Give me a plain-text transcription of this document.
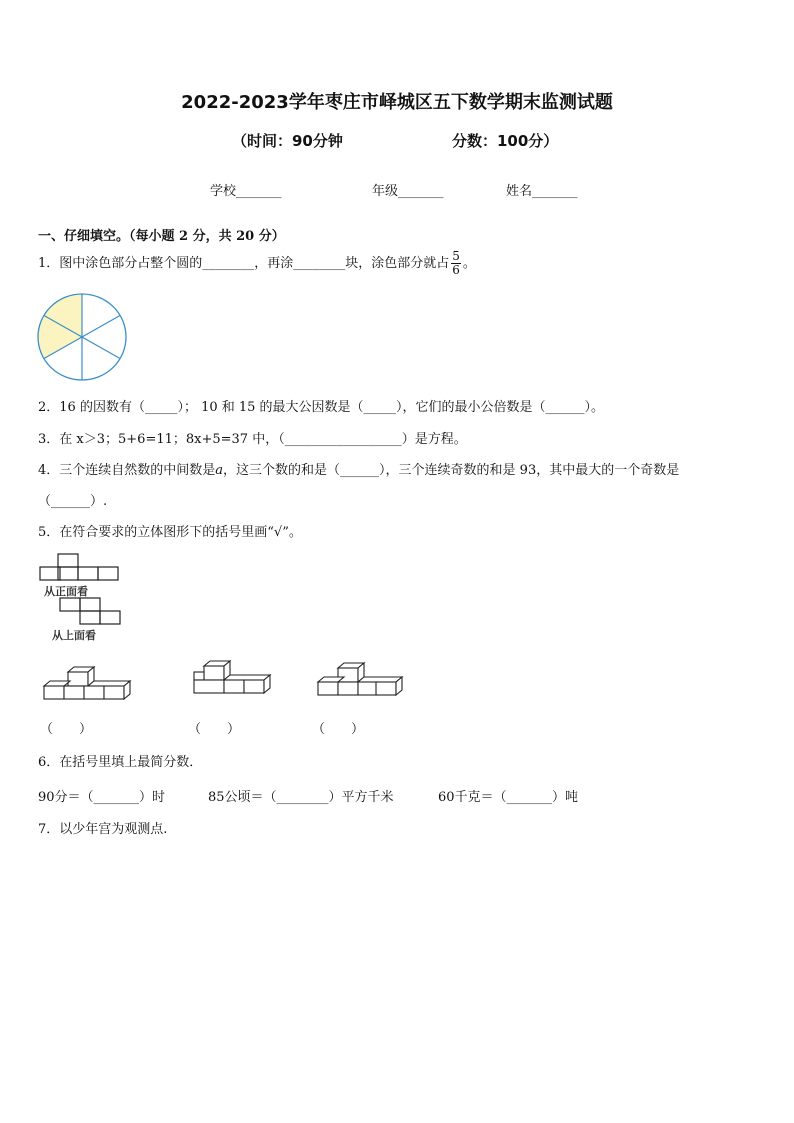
2022-2023学年枣庄市峄城区五下数学期末监测试题
（时间：90分钟	分数：100分）
学校_______	年级_______	姓名_______
一、仔细填空。（每小题 2 分，共 20 分）
1．图中涂色部分占整个圆的________，再涂________块，涂色部分就占 $\frac{5}{6}$ 。
2．16 的因数有（_____）； 10 和 15 的最大公因数是（_____），它们的最小公倍数是（______）。
3．在 x＞3；5+6=11；8x+5=37 中，（__________________）是方程。
4．三个连续自然数的中间数是a，这三个数的和是（______），三个连续奇数的和是 93，其中最大的一个奇数是
（______）.
5．在符合要求的立体图形下的括号里画“√”。
从正面看
从上面看
（　　）	（　　）	（　　）
6．在括号里填上最简分数．
90分＝（_______）时	85公顷＝（________）平方千米	60千克＝（_______）吨
7．以少年宫为观测点.
